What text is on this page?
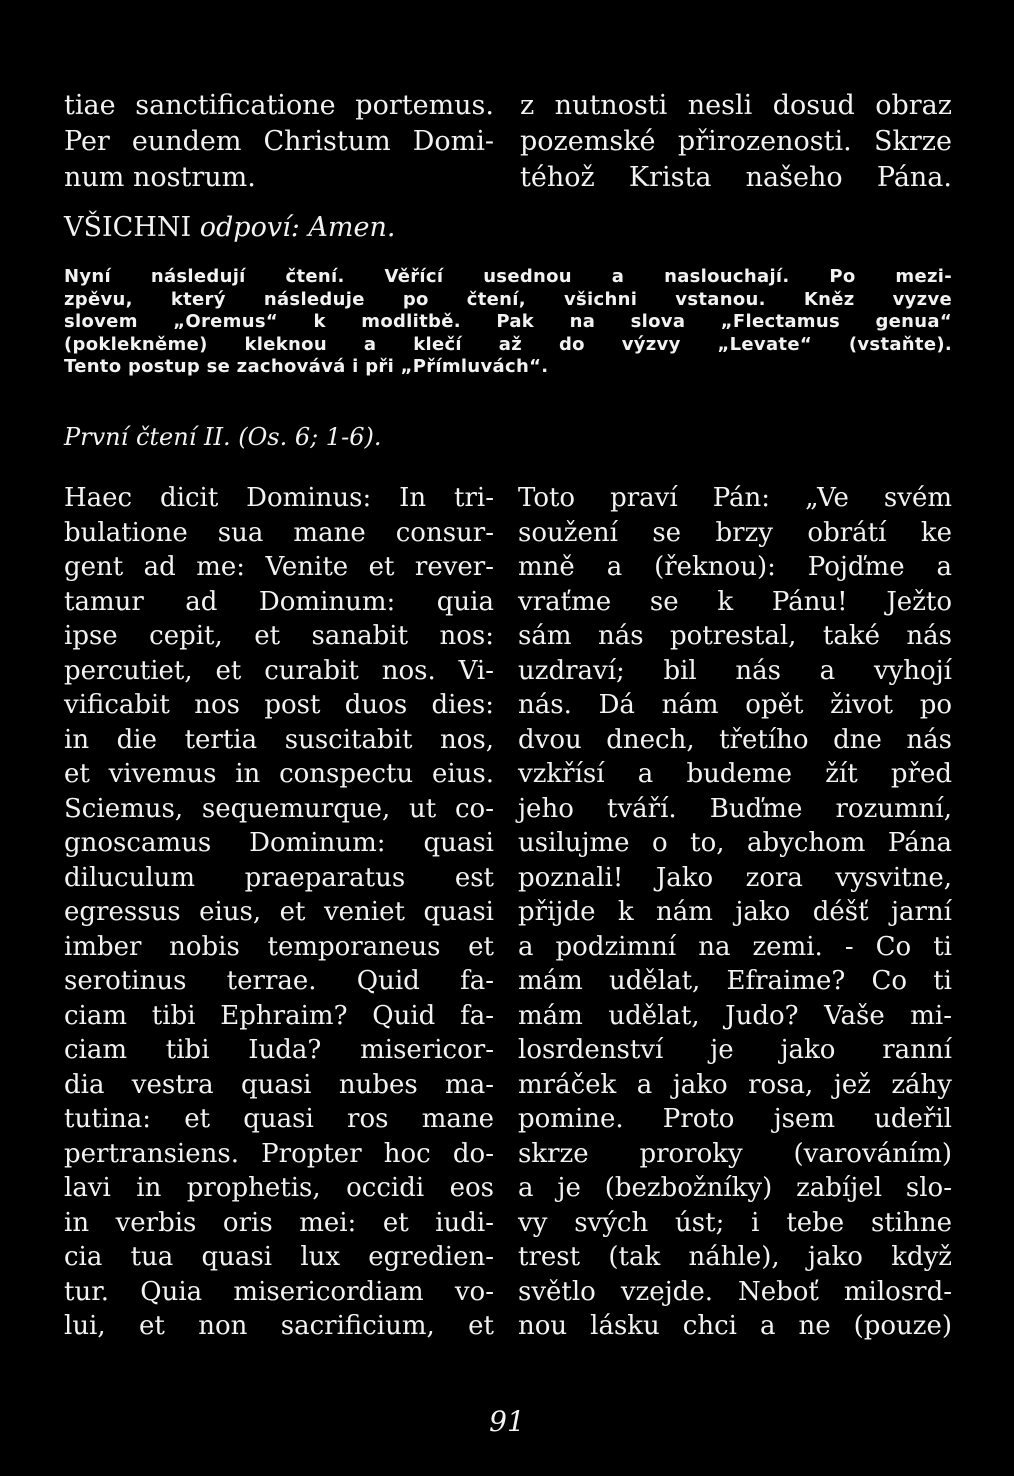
tiae sanctificatione portemus.
Per eundem Christum Domi-
num nostrum.
z nutnosti nesli dosud obraz
pozemské přirozenosti. Skrze
téhož Krista našeho Pána.
VŠICHNI odpoví: Amen.
Nyní následují čtení. Věřící usednou a naslouchají. Po mezi-
zpěvu, který následuje po čtení, všichni vstanou. Kněz vyzve
slovem „Oremus“ k modlitbě. Pak na slova „Flectamus genua“
(poklekněme) kleknou a klečí až do výzvy „Levate“ (vstaňte).
Tento postup se zachovává i při „Přímluvách“.
První čtení II. (Os. 6; 1-6).
Haec dicit Dominus: In tri-
bulatione sua mane consur-
gent ad me: Venite et rever-
tamur ad Dominum: quia
ipse cepit, et sanabit nos:
percutiet, et curabit nos. Vi-
vificabit nos post duos dies:
in die tertia suscitabit nos,
et vivemus in conspectu eius.
Sciemus, sequemurque, ut co-
gnoscamus Dominum: quasi
diluculum praeparatus est
egressus eius, et veniet quasi
imber nobis temporaneus et
serotinus terrae. Quid fa-
ciam tibi Ephraim? Quid fa-
ciam tibi Iuda? misericor-
dia vestra quasi nubes ma-
tutina: et quasi ros mane
pertransiens. Propter hoc do-
lavi in prophetis, occidi eos
in verbis oris mei: et iudi-
cia tua quasi lux egredien-
tur. Quia misericordiam vo-
lui, et non sacrificium, et
Toto praví Pán: „Ve svém
soužení se brzy obrátí ke
mně a (řeknou): Pojďme a
vraťme se k Pánu! Ježto
sám nás potrestal, také nás
uzdraví; bil nás a vyhojí
nás. Dá nám opět život po
dvou dnech, třetího dne nás
vzkřísí a budeme žít před
jeho tváří. Buďme rozumní,
usilujme o to, abychom Pána
poznali! Jako zora vysvitne,
přijde k nám jako déšť jarní
a podzimní na zemi. - Co ti
mám udělat, Efraime? Co ti
mám udělat, Judo? Vaše mi-
losrdenství je jako ranní
mráček a jako rosa, jež záhy
pomine. Proto jsem udeřil
skrze proroky (varováním)
a je (bezbožníky) zabíjel slo-
vy svých úst; i tebe stihne
trest (tak náhle), jako když
světlo vzejde. Neboť milosrd-
nou lásku chci a ne (pouze)
91
